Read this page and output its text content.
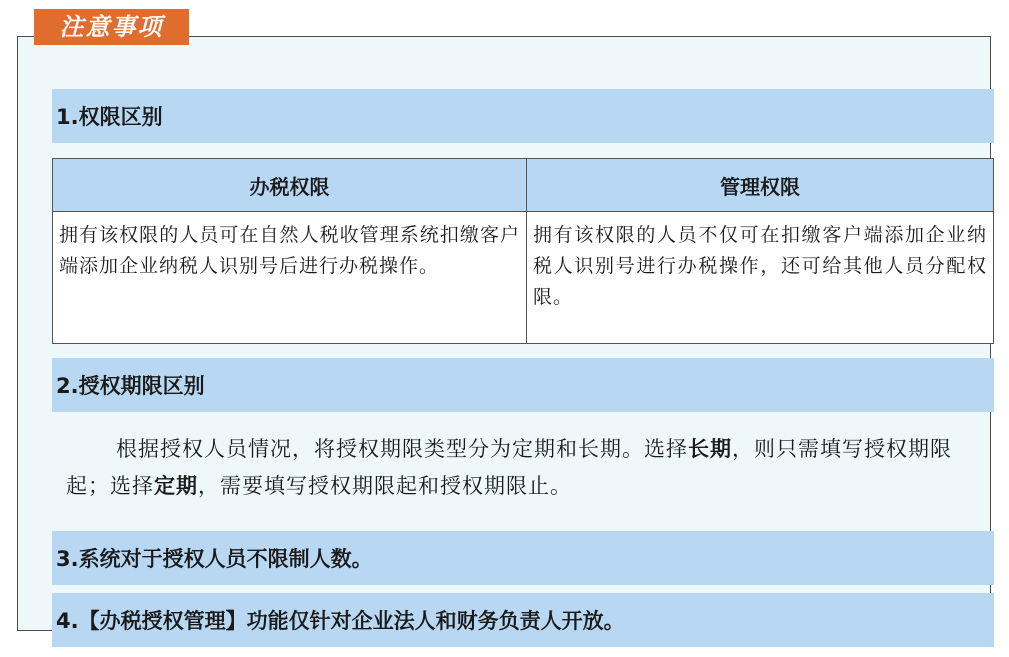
1.权限区别
办税权限	管理权限
拥有该权限的人员可在自然人税收管理系统扣缴客户端添加企业纳税人识别号后进行办税操作。	拥有该权限的人员不仅可在扣缴客户端添加企业纳税人识别号进行办税操作，还可给其他人员分配权限。
2.授权期限区别
根据授权人员情况，将授权期限类型分为定期和长期。选择长期，则只需填写授权期限起；选择定期，需要填写授权期限起和授权期限止。
3.系统对于授权人员不限制人数。
4.【办税授权管理】功能仅针对企业法人和财务负责人开放。
注意事项
